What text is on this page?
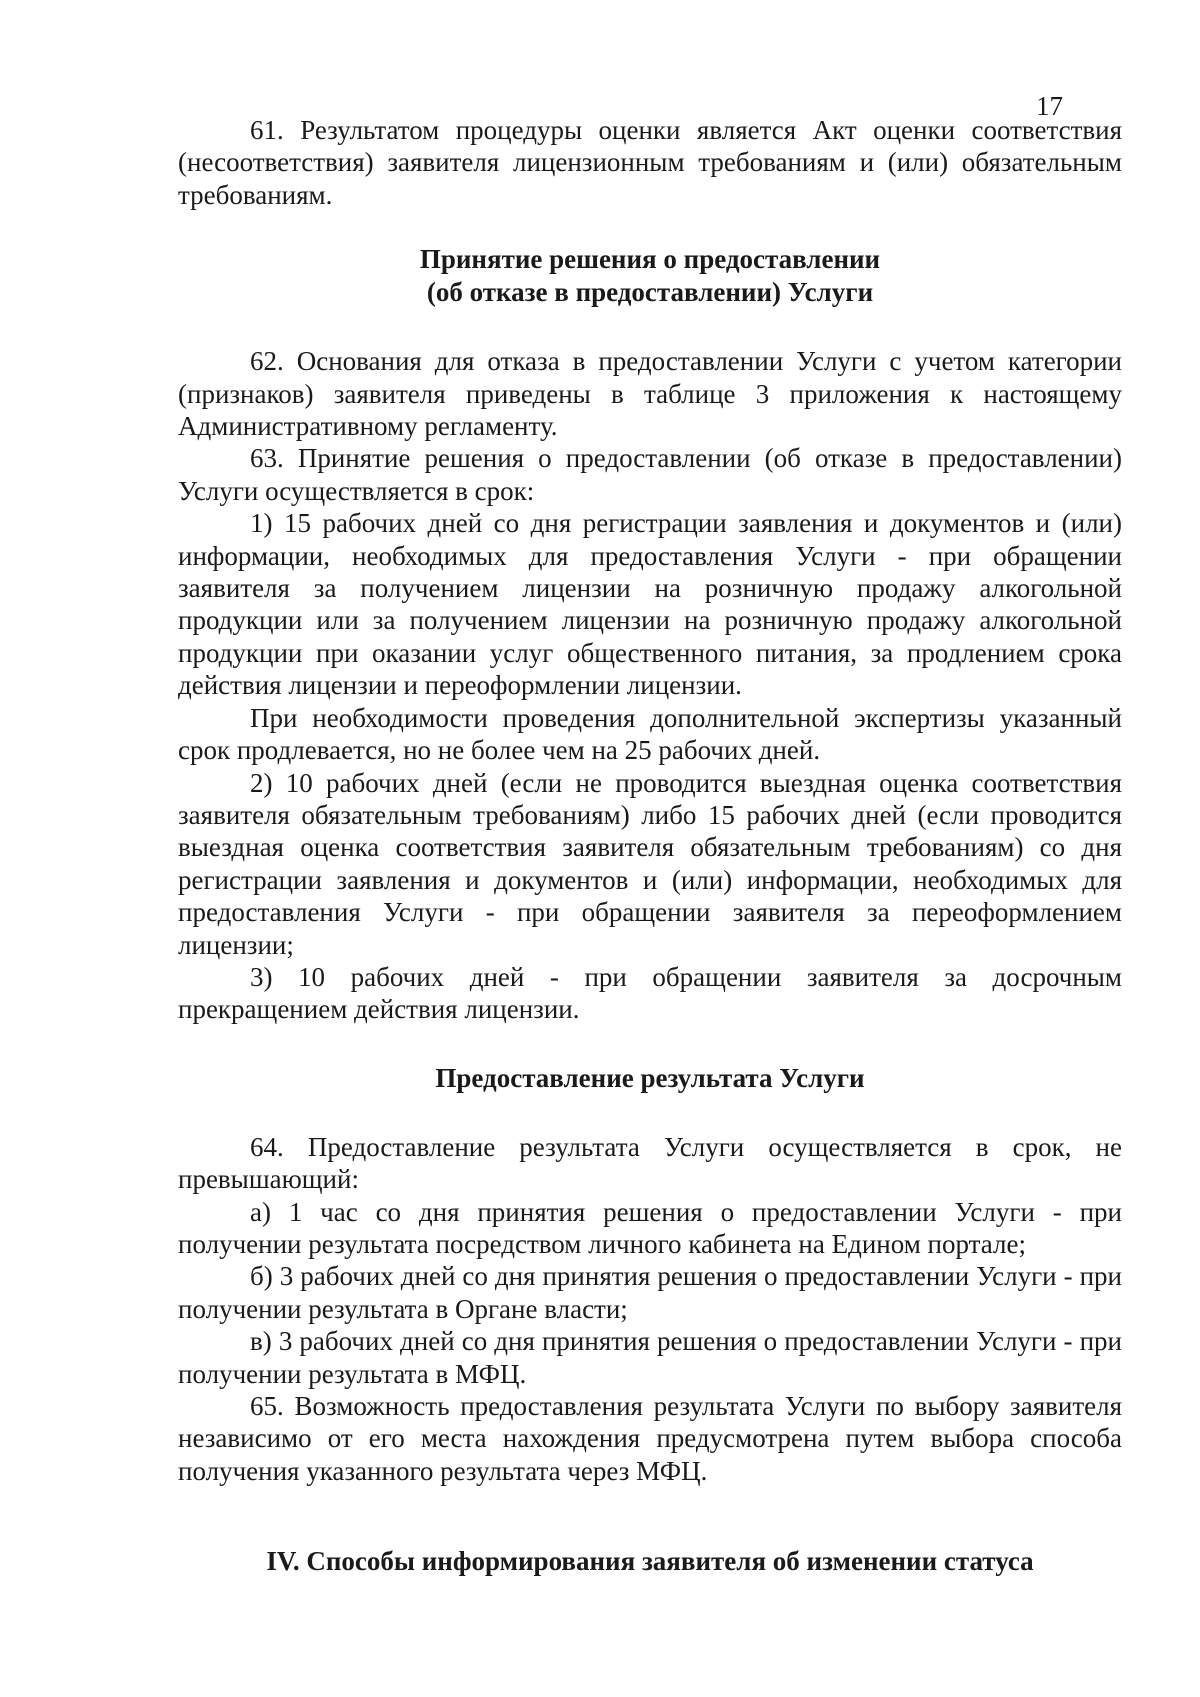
17

61. Результатом процедуры оценки является Акт оценки соответствия (несоответствия) заявителя лицензионным требованиям и (или) обязательным требованиям.

Принятие решения о предоставлении
(об отказе в предоставлении) Услуги

62. Основания для отказа в предоставлении Услуги с учетом категории (признаков) заявителя приведены в таблице 3 приложения к настоящему Административному регламенту.

63. Принятие решения о предоставлении (об отказе в предоставлении) Услуги осуществляется в срок:

1) 15 рабочих дней со дня регистрации заявления и документов и (или) информации, необходимых для предоставления Услуги - при обращении заявителя за получением лицензии на розничную продажу алкогольной продукции или за получением лицензии на розничную продажу алкогольной продукции при оказании услуг общественного питания, за продлением срока действия лицензии и переоформлении лицензии.

При необходимости проведения дополнительной экспертизы указанный срок продлевается, но не более чем на 25 рабочих дней.

2) 10 рабочих дней (если не проводится выездная оценка соответствия заявителя обязательным требованиям) либо 15 рабочих дней (если проводится выездная оценка соответствия заявителя обязательным требованиям) со дня регистрации заявления и документов и (или) информации, необходимых для предоставления Услуги - при обращении заявителя за переоформлением лицензии;

3) 10 рабочих дней - при обращении заявителя за досрочным прекращением действия лицензии.

Предоставление результата Услуги

64. Предоставление результата Услуги осуществляется в срок, не превышающий:

а) 1 час со дня принятия решения о предоставлении Услуги - при получении результата посредством личного кабинета на Едином портале;

б) 3 рабочих дней со дня принятия решения о предоставлении Услуги - при получении результата в Органе власти;

в) 3 рабочих дней со дня принятия решения о предоставлении Услуги - при получении результата в МФЦ.

65. Возможность предоставления результата Услуги по выбору заявителя независимо от его места нахождения предусмотрена путем выбора способа получения указанного результата через МФЦ.

IV. Способы информирования заявителя об изменении статуса
